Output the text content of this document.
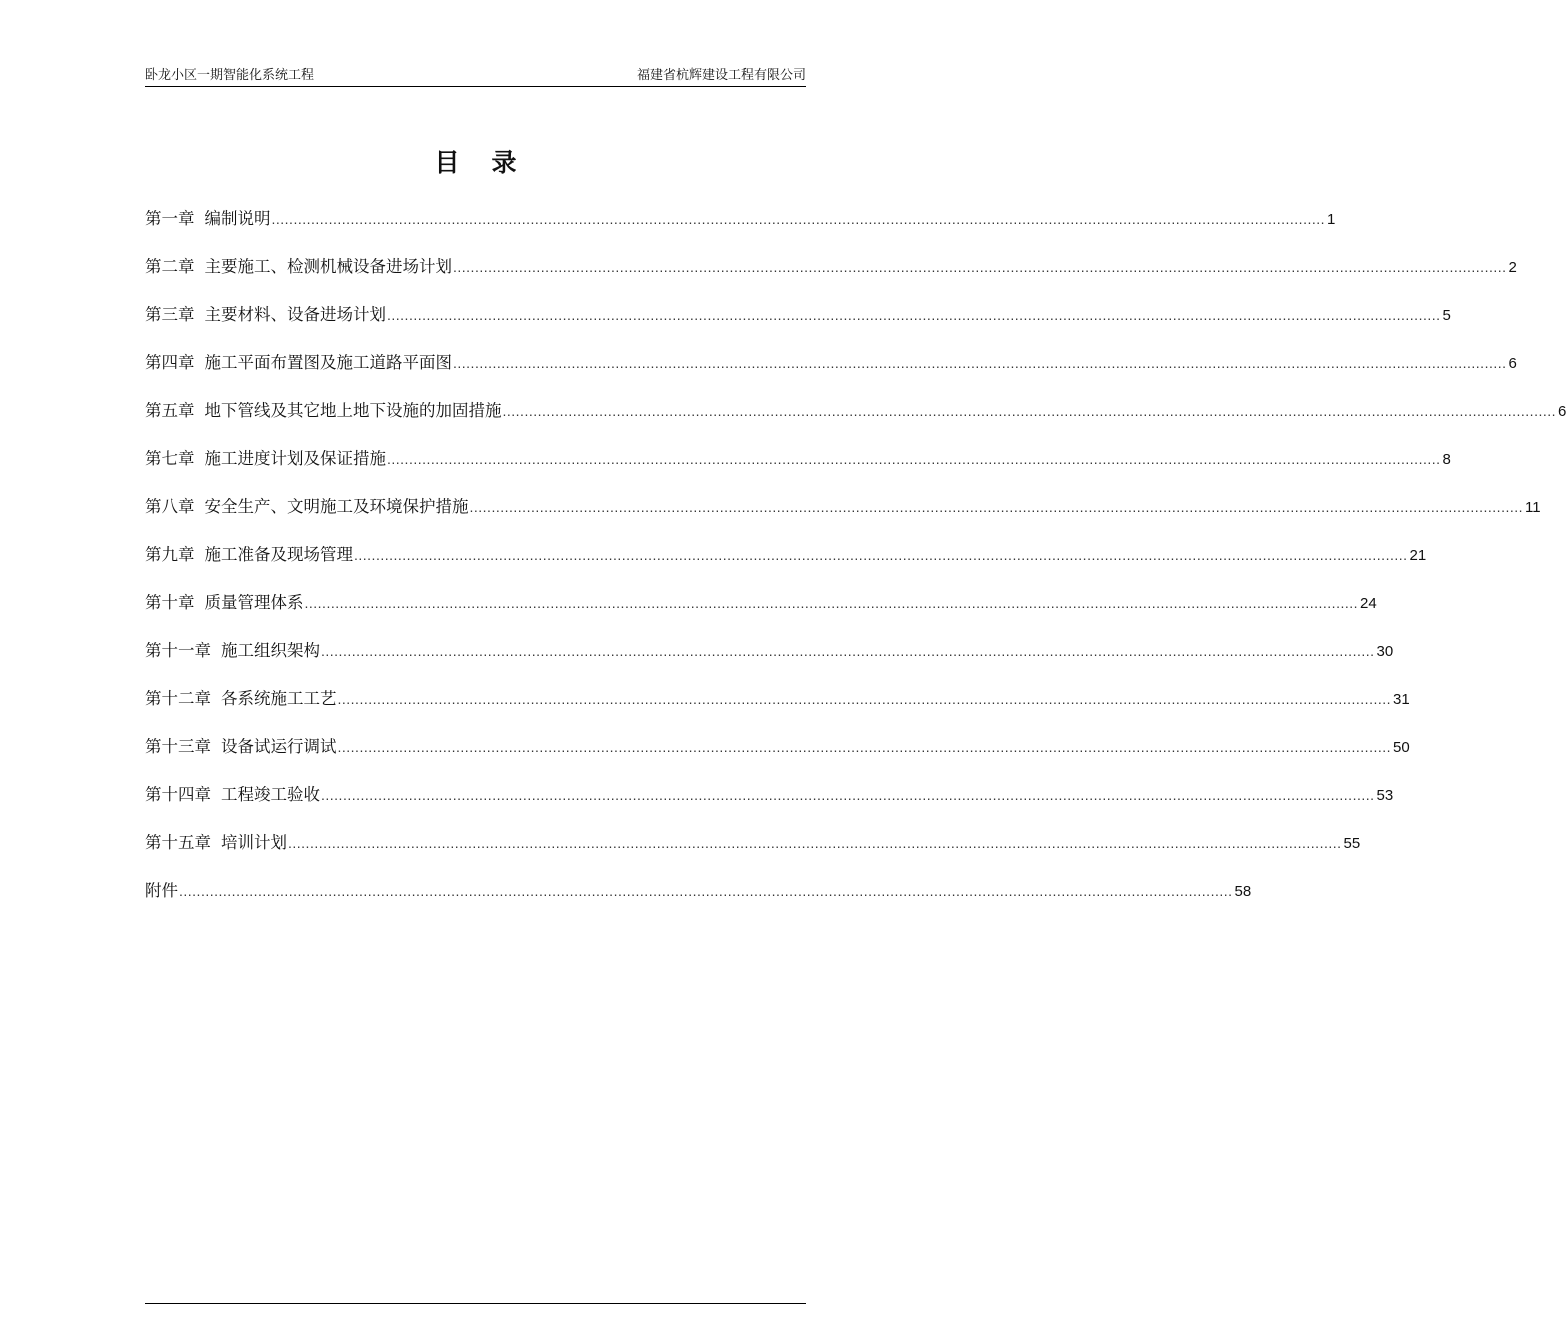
卧龙小区一期智能化系统工程	福建省杭辉建设工程有限公司
目录
第一章 编制说明 ................................................................................................................................................................................................................................................ 1
第二章 主要施工、检测机械设备进场计划 ................................................................................................................................................................................................................................................ 2
第三章 主要材料、设备进场计划 ................................................................................................................................................................................................................................................ 5
第四章 施工平面布置图及施工道路平面图 ................................................................................................................................................................................................................................................ 6
第五章 地下管线及其它地上地下设施的加固措施 ................................................................................................................................................................................................................................................ 6
第七章 施工进度计划及保证措施 ................................................................................................................................................................................................................................................ 8
第八章 安全生产、文明施工及环境保护措施 ................................................................................................................................................................................................................................................ 11
第九章 施工准备及现场管理 ................................................................................................................................................................................................................................................ 21
第十章 质量管理体系 ................................................................................................................................................................................................................................................ 24
第十一章 施工组织架构 ................................................................................................................................................................................................................................................ 30
第十二章 各系统施工工艺 ................................................................................................................................................................................................................................................ 31
第十三章 设备试运行调试 ................................................................................................................................................................................................................................................ 50
第十四章 工程竣工验收 ................................................................................................................................................................................................................................................ 53
第十五章 培训计划 ................................................................................................................................................................................................................................................ 55
附件 ................................................................................................................................................................................................................................................ 58
